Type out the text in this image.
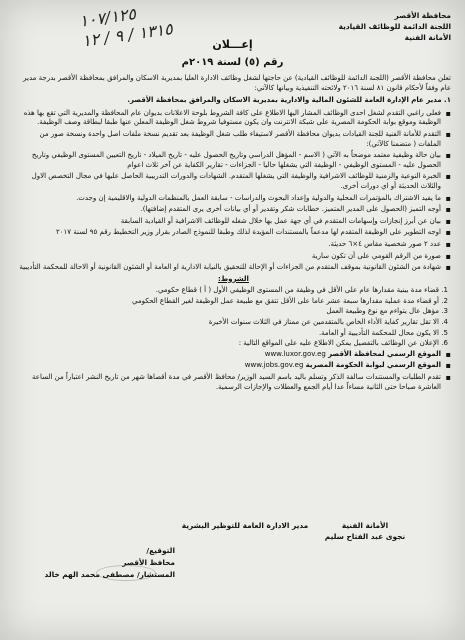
١٠٧/١٢٥
١٣١٥ / ٩ / ١٢
محافظة الأقصر
اللجنة الدائمة للوظائف القيادية
الأمانة الفنية
إعـــلان
رقم (٥) لسنة ٢٠١٩م

تعلن محافظة الأقصر (اللجنة الدائمة للوظائف القيادية) عن حاجتها لشغل وظائف الادارة العليا بمديرية الاسكان والمرافق بمحافظة الأقصر بدرجة مدير عام وفقاً لأحكام قانون ٨١ لسنة ٢٠١٦ ولائحته التنفيذية وبيانها كالآتي:

١. مدير عام الإدارة العامة للشئون المالية والادارية بمديرية الاسكان والمرافق بمحافظة الأقصر.

▪ فعلى راغبي التقدم لشغل احدى الوظائف المشار اليها الاطلاع على كافة الشروط بلوحة الاعلانات بديوان عام المحافظة والمديرية التي تقع بها هذه الوظيفة وموقع بوابة الحكومة المصرية على شبكة الانترنت وان يكون مستوفيا شروط شغل الوظيفة المعلن عنها طبقا لبطاقة وصف الوظيفة.
▪ التقدم للأمانة الفنية للجنة القيادات بديوان محافظة الأقصر لاستيفاء طلب شغل الوظيفة بعد تقديم نسخة ملفات اصل واحدة ونسخة صور من الملفات ( متضمنا كالآتي):
▪ بيان حالة وظيفية معتمد موضحاً به الآتي ( الاسم - المؤهل الدراسي وتاريخ الحصول عليه - تاريخ الميلاد - تاريخ التعيين المستوى الوظيفي وتاريخ الحصول عليه - المستوى الوظيفي - الوظيفة التي يشغلها حاليا - الجزاءات - تقارير الكفاية عن آخر ثلاث اعوام
▪ الخبرة النوعية والزمنية للوظائف الاشرافية والوظيفة التي يشغلها المتقدم. الشهادات والدورات التدريبية الحاصل عليها في مجال التخصص الاول والثلاث الحديثة أو اي دورات أخرى.
▪ ما يفيد الاشتراك بالمؤتمرات المحلية والدولية وإعداد البحوث والدراسات - سابقة العمل بالمنظمات الدولية والاقليمية إن وجدت.
▪ أوجه التميز (الحصول على المدير المتميز. خطابات شكر وتقدير أو أي بيانات أخرى يرى المتقدم إضافتها).
▪ بيان عن أبرز إنجازات وإسهامات المتقدم في أي جهة عمل بها خلال شغله للوظائف الاشرافية أو القيادية السابقة
▪ اوجه التطوير على الوظيفة المتقدم لها مدعماً بالمستندات المؤيدة لذلك وطبقا للنموذج الصادر بقرار وزير التخطيط رقم ٩٥ لسنة ٢٠١٧
▪ عدد ٢ صور شخصية مقاس ٤×٦ حديثة.
▪ صورة من الرقم القومي على أن تكون سارية
▪ شهادة من الشئون القانونية بموقف المتقدم من الجزاءات أو الإحالة للتحقيق بالنيابة الادارية او العامة أو الشئون القانونية أو الاحالة للمحكمة التأديبية
الشروط:
1. قضاء مدة بينية مقدارها عام على الأقل في وظيفة من المستوى الوظيفي الأول ( أ ) قطاع حكومي.
2. أو قضاء مدة عملية مقدارها سبعة عشر عاما على الأقل تتفق مع طبيعة عمل الوظيفة لغير القطاع الحكومي
3. مؤهل عال يتواءم مع نوع وطبيعة العمل
4. الا تقل تقارير كفاية الأداء الخاص بالمتقدمين عن ممتاز في الثلاث سنوات الأخيرة
5. الا يكون محال للمحكمة التأديبية أو العامة.
6. الإعلان عن الوظائف بالتفصيل يمكن الاطلاع عليه على المواقع التالية :
▪ الموقع الرسمي لمحافظة الأقصر www.luxor.gov.eg
▪ الموقع الرسمي لبوابة الحكومة المصرية www.jobs.gov.eg
▪ تقدم الطلبات والمستندات سالفة الذكر وتسلم باليد باسم السيد الوزير/ محافظ الأقصر في مدة أقصاها شهر من تاريخ النشر اعتباراً من الساعة العاشرة صباحا حتى الثانية مساءاً عدا أيام الجمع والعطلات والإجازات الرسمية.
الأمانة الفنية
نجوى عبد الفتاح سليم
مدير الادارة العامة للتوظير البشرية
التوقيع/
محافظ الأقصر
المستشار/ مصطفى محمد الهم خالد
